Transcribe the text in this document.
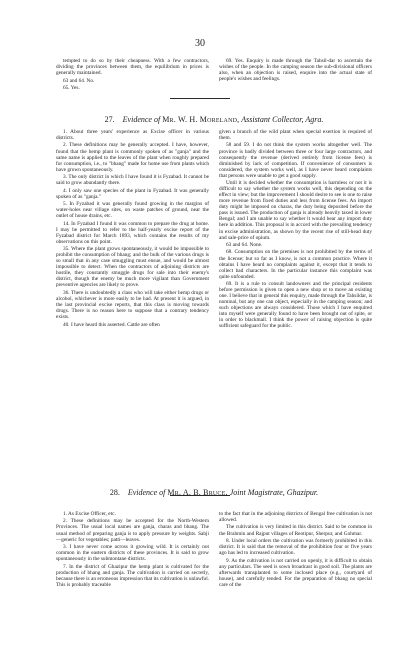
30

tempted to do so by their cheapness. With a few contractors, dividing the provinces between them, the equilibrium in prices is generally maintained.

63 and 64. No.

65. Yes.

69. Yes. Enquiry is made through the Tahsil-dar to ascertain the wishes of the people. In the camping season the sub-divisional officers also, when an objection is raised, enquire into the actual state of people's wishes and feelings.

27. Evidence of Mr. W. H. Moreland, Assistant Collector, Agra.

1. About three years' experience as Excise officer in various districts.

2. These definitions may be generally accepted. I have, however, found that the hemp plant is commonly spoken of as "ganja" and the same name is applied to the leaves of the plant when roughly prepared for consumption, i.e., to "bhang" made for home use from plants which have grown spontaneously.

3. The only district in which I have found it is Fyzabad. It cannot be said to grow abundantly there.

4. I only saw one species of the plant in Fyzabad. It was generally spoken of as "ganja."

5. In Fyzabad it was generally found growing in the margins of water-holes near village sites, on waste patches of ground, near the outlet of house drains, etc.

14. In Fyzabad I found it was common to prepare the drug at home. I may be permitted to refer to the half-yearly excise report of the Fyzabad district for March 1893, which contains the results of my observations on this point.

35. Where the plant grows spontaneously, it would be impossible to prohibit the consumption of bhang; and the bulk of the various drugs is so small that in any case smuggling must ensue, and would be almost impossible to detect. When the contractors of adjoining districts are hostile, they constantly smuggle drugs for sale into their enemy's district, though the enemy be much more vigilant than Government preventive agencies are likely to prove.

36. There is undoubtedly a class who will take either hemp drugs or alcohol, whichever is more easily to be had. At present it is argued, in the last provincial excise reports, that this class is moving towards drugs. There is no reason here to suppose that a contrary tendency exists.

40. I have heard this asserted. Cattle are often

given a branch of the wild plant when special exertion is required of them.

58 and 59. I do not think the system works altogether well. The province is badly divided between three or four large contractors, and consequently the revenue (derived entirely from license fees) is diminished by lack of competition. If convenience of consumers is considered, the system works well, as I have never heard complaints that persons were unable to get a good supply.

Until it is decided whether the consumption is harmless or not it is difficult to say whether the system works well, this depending on the effect in view; but the improvement I should desire to see is one to raise more revenue from fixed duties and less from license fees. An import duty might be imposed on charas, the duty being deposited before the pass is issued. The production of ganja is already heavily taxed in lower Bengal; and I am unable to say whether it would bear any import duty here in addition. This proposal is in accord with the prevailing tendency in excise administration, as shown by the recent rise of still-head duty and sale-price of opium.

63 and 64. None.

68. Consumption on the premises is not prohibited by the terms of the license; but so far as I know, is not a common practice. Where it obtains I have heard no complaints against it, except that it tends to collect bad characters. In the particular instance this complaint was quite unfounded.

69. It is a rule to consult landowners and the principal residents before permission is given to open a new shop or to move an existing one. I believe that in general this enquiry, made through the Tahsildar, is nominal, but any one can object, especially in the camping season; and such objections are always considered. Those which I have enquired into myself were generally found to have been brought out of spite, or in order to blackmail. I think the power of raising objection is quite sufficient safeguard for the public.

28. Evidence of Mr. A. B. Bruce, Joint Magistrate, Ghazipur.

1. As Excise Officer, etc.

2. These definitions may be accepted for the North-Western Provinces. The usual local names are ganja, charas and bhang. The usual method of preparing ganja is to apply pressure by weights. Sabji—generic for vegetables; patti—leaves.

3. I have never come across it growing wild. It is certainly not common in the eastern districts of these provinces. It is said to grow spontaneously in the submontane districts.

7. In the district of Ghazipur the hemp plant is cultivated for the production of bhang and ganja. The cultivation is carried on secretly, because there is an erroneous impression that its cultivation is unlawful. This is probably traceable

to the fact that in the adjoining districts of Bengal free cultivation is not allowed.

The cultivation is very limited in this district. Said to be common in the Brahmin and Rajput villages of Reotipur, Sherpur, and Gohmar.

8. Under local orders the cultivation was formerly prohibited in this district. It is said that the removal of the prohibition four or five years ago has led to increased cultivation.

9. As the cultivation is not carried on openly, it is difficult to obtain any particulars. The seed is sown broadcast in good soil. The plants are afterwards transplanted to some inclosed place (e.g., courtyard of house), and carefully tended. For the preparation of bhang no special care of the
